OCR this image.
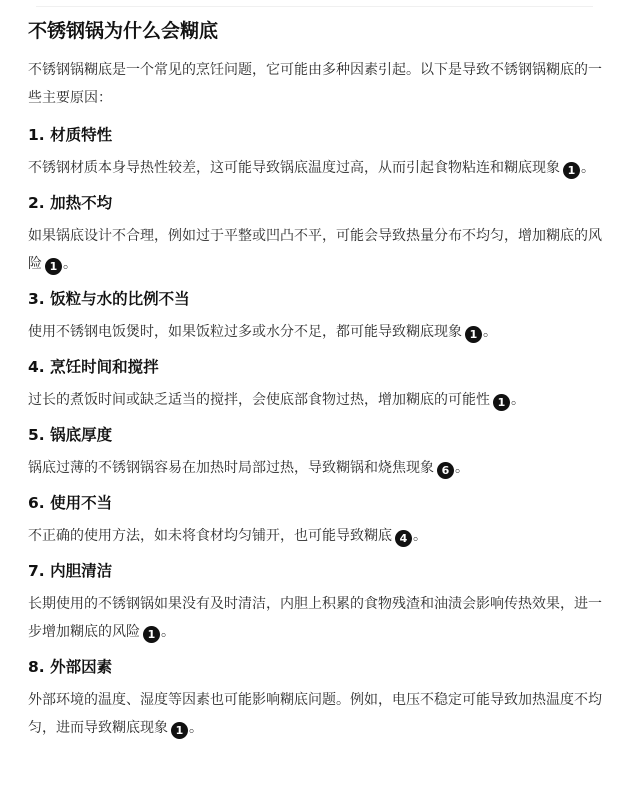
不锈钢锅为什么会糊底

不锈钢锅糊底是一个常见的烹饪问题，它可能由多种因素引起。以下是导致不锈钢锅糊底的一些主要原因：

1. 材质特性

不锈钢材质本身导热性较差，这可能导致锅底温度过高，从而引起食物粘连和糊底现象 1 。

2. 加热不均

如果锅底设计不合理，例如过于平整或凹凸不平，可能会导致热量分布不均匀，增加糊底的风险 1 。

3. 饭粒与水的比例不当

使用不锈钢电饭煲时，如果饭粒过多或水分不足，都可能导致糊底现象 1 。

4. 烹饪时间和搅拌

过长的煮饭时间或缺乏适当的搅拌，会使底部食物过热，增加糊底的可能性 1 。

5. 锅底厚度

锅底过薄的不锈钢锅容易在加热时局部过热，导致糊锅和烧焦现象 6 。

6. 使用不当

不正确的使用方法，如未将食材均匀铺开，也可能导致糊底 4 。

7. 内胆清洁

长期使用的不锈钢锅如果没有及时清洁，内胆上积累的食物残渣和油渍会影响传热效果，进一步增加糊底的风险 1 。

8. 外部因素

外部环境的温度、湿度等因素也可能影响糊底问题。例如，电压不稳定可能导致加热温度不均匀，进而导致糊底现象 1 。
